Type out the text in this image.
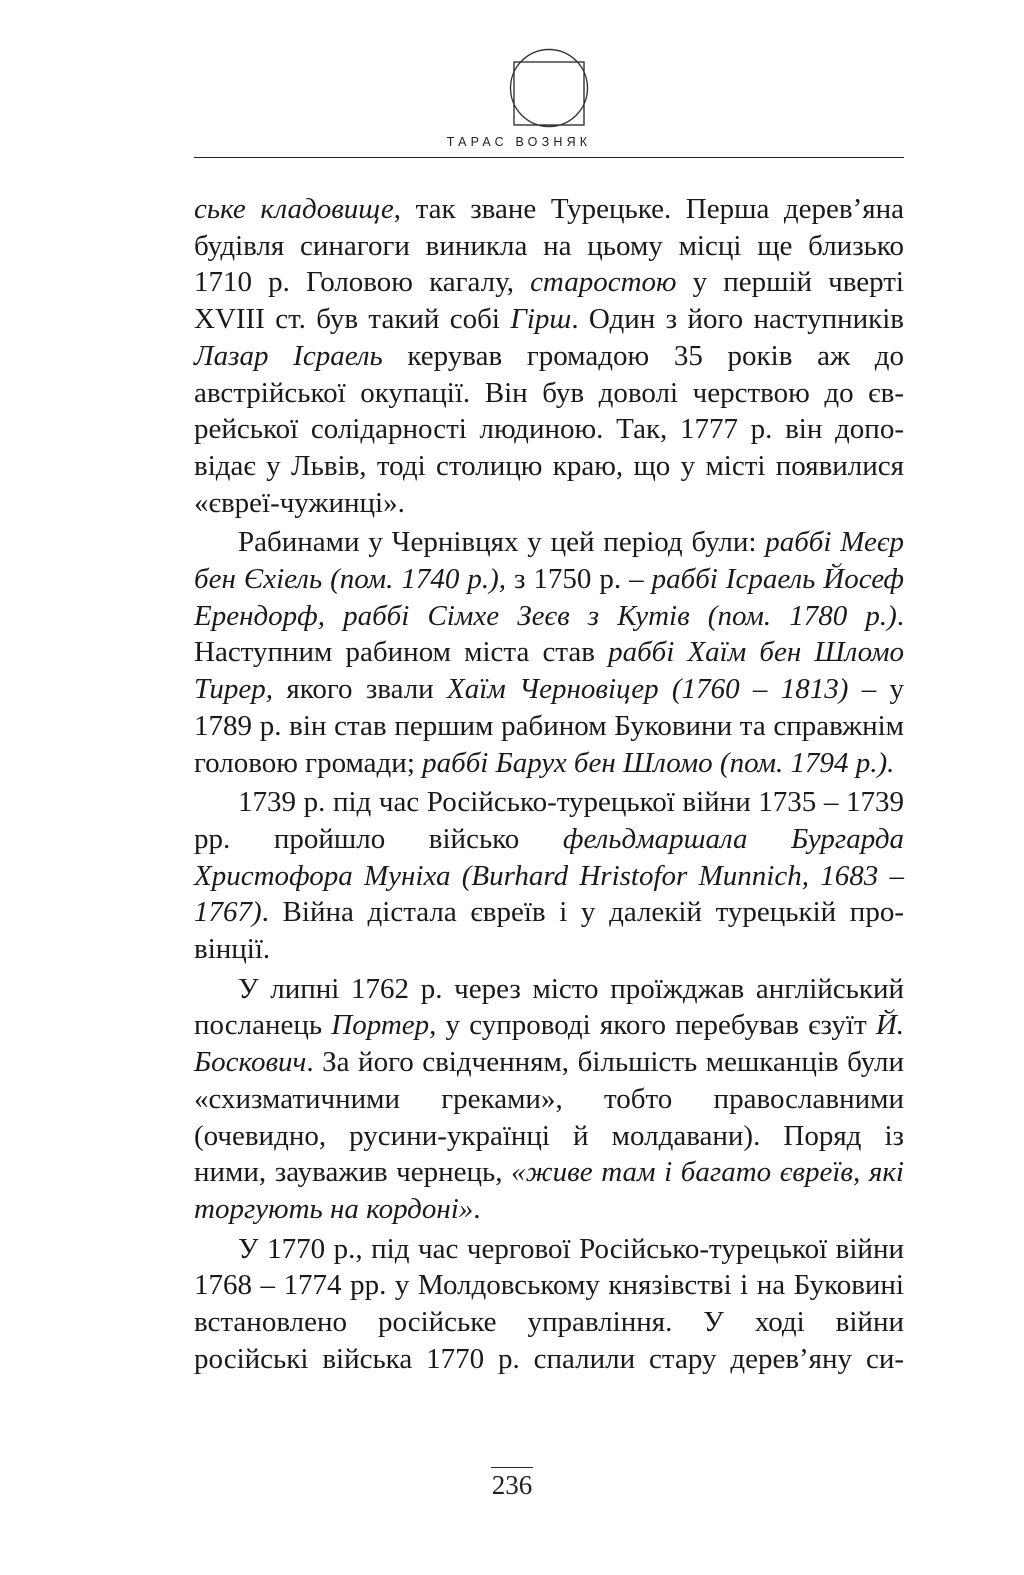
ТАРАС ВОЗНЯК

ське кладовище, так зване Турецьке. Перша дерев’яна будівля синагоги виникла на цьому місці ще близько 1710 р. Головою кагалу, старостою у першій чверті XVIII ст. був такий собі Гірш. Один з його наступників Лазар Ісраель керував громадою 35 років аж до австрійської окупації. Він був доволі черствою до єврейської солідарності людиною. Так, 1777 р. він доповідає у Львів, тоді столицю краю, що у місті появилися «євреї-чужинці».

Рабинами у Чернівцях у цей період були: раббі Меєр бен Єхіель (пом. 1740 р.), з 1750 р. – раббі Ісраель Йосеф Ерендорф, раббі Сімхе Зеєв з Кутів (пом. 1780 р.). Наступним рабином міста став раббі Хаїм бен Шломо Тирер, якого звали Хаїм Черновіцер (1760 – 1813) – у 1789 р. він став першим рабином Буковини та справжнім головою громади; раббі Барух бен Шломо (пом. 1794 р.).

1739 р. під час Російсько-турецької війни 1735 – 1739 рр. пройшло військо фельдмаршала Бургарда Христофора Муніха (Burhard Hristofor Munnich, 1683 – 1767). Війна дістала євреїв і у далекій турецькій провінції.

У липні 1762 р. через місто проїжджав англійський посланець Портер, у супроводі якого перебував єзуїт Й. Боскович. За його свідченням, більшість мешканців були «схизматичними греками», тобто православними (очевидно, русини-українці й молдавани). Поряд із ними, зауважив чернець, «живе там і багато євреїв, які торгують на кордоні».

У 1770 р., під час чергової Російсько-турецької війни 1768 – 1774 рр. у Молдовському князівстві і на Буковині встановлено російське управління. У ході війни російські війська 1770 р. спалили стару дерев’яну си-

236
